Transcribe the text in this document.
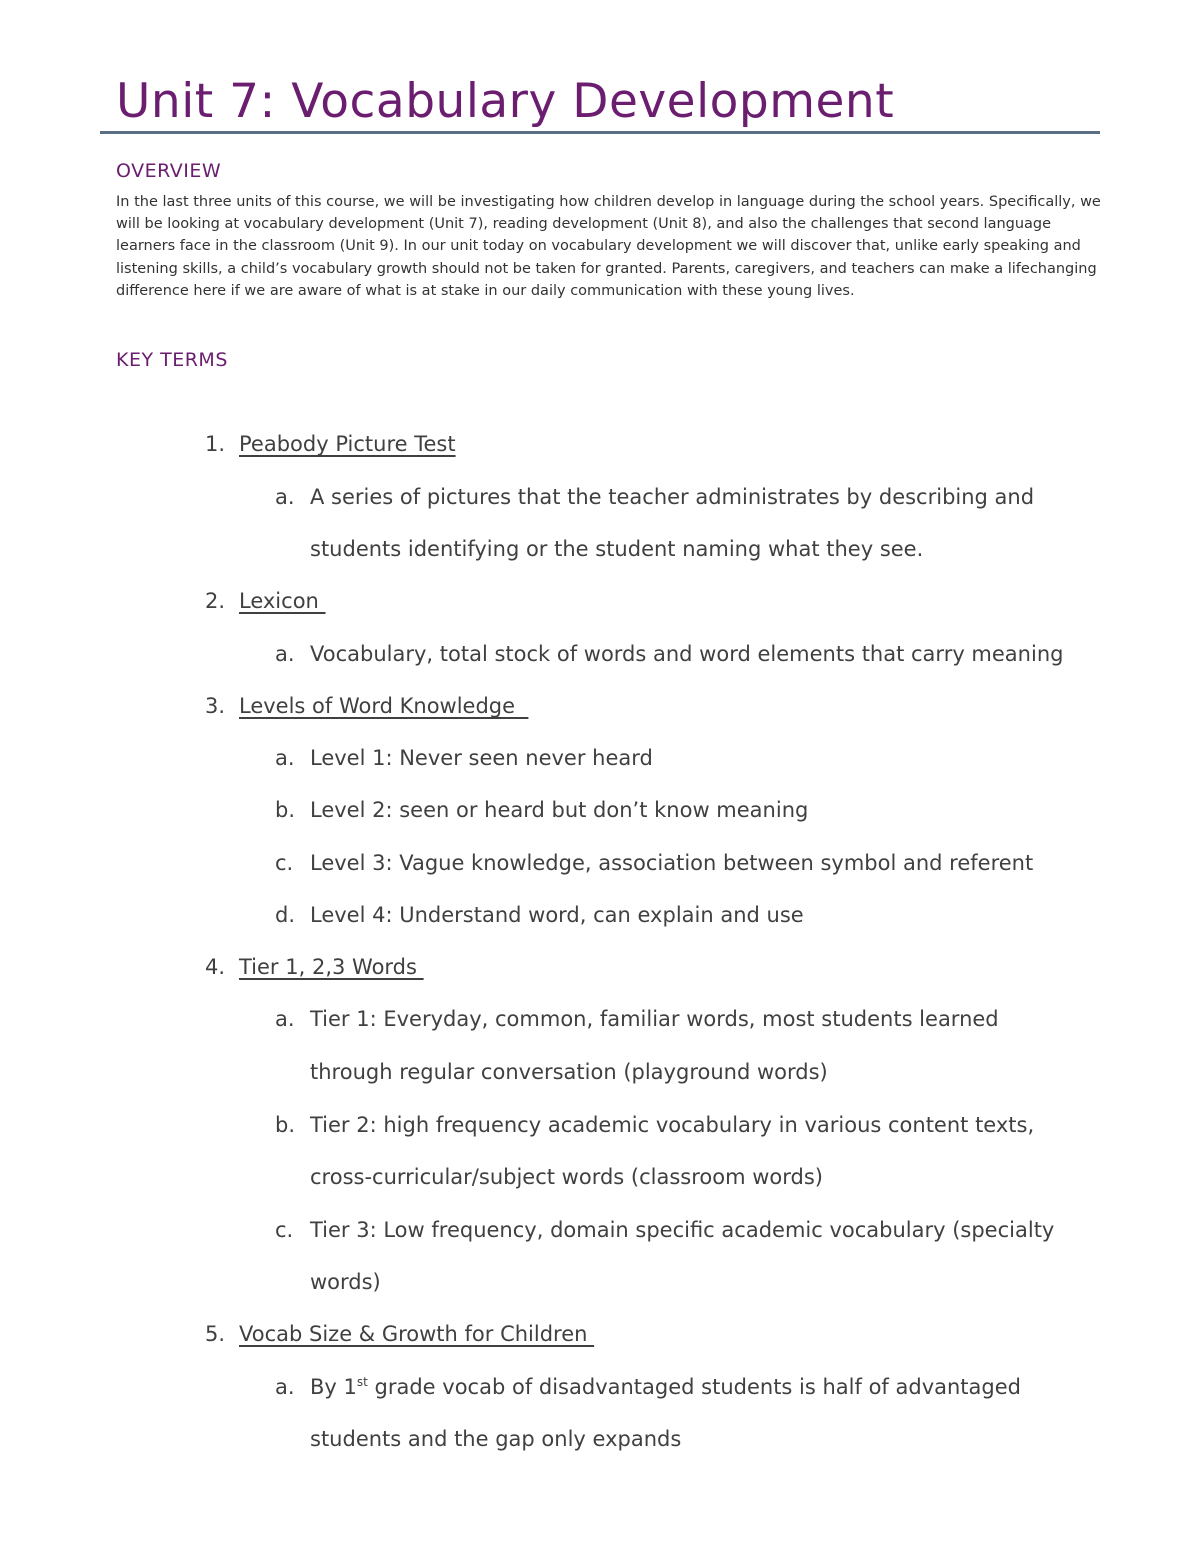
Unit 7: Vocabulary Development
OVERVIEW

In the last three units of this course, we will be investigating how children develop in language during the school years. Specifically, we will be looking at vocabulary development (Unit 7), reading development (Unit 8), and also the challenges that second language learners face in the classroom (Unit 9). In our unit today on vocabulary development we will discover that, unlike early speaking and listening skills, a child’s vocabulary growth should not be taken for granted. Parents, caregivers, and teachers can make a lifechanging difference here if we are aware of what is at stake in our daily communication with these young lives.

KEY TERMS
1. Peabody Picture Test
a. A series of pictures that the teacher administrates by describing and
students identifying or the student naming what they see.
2. Lexicon
a. Vocabulary, total stock of words and word elements that carry meaning
3. Levels of Word Knowledge
a. Level 1: Never seen never heard
b. Level 2: seen or heard but don’t know meaning
c. Level 3: Vague knowledge, association between symbol and referent
d. Level 4: Understand word, can explain and use
4. Tier 1, 2,3 Words
a. Tier 1: Everyday, common, familiar words, most students learned
through regular conversation (playground words)
b. Tier 2: high frequency academic vocabulary in various content texts,
cross-curricular/subject words (classroom words)
c. Tier 3: Low frequency, domain specific academic vocabulary (specialty
words)
5. Vocab Size & Growth for Children
a. By 1st grade vocab of disadvantaged students is half of advantaged
students and the gap only expands
